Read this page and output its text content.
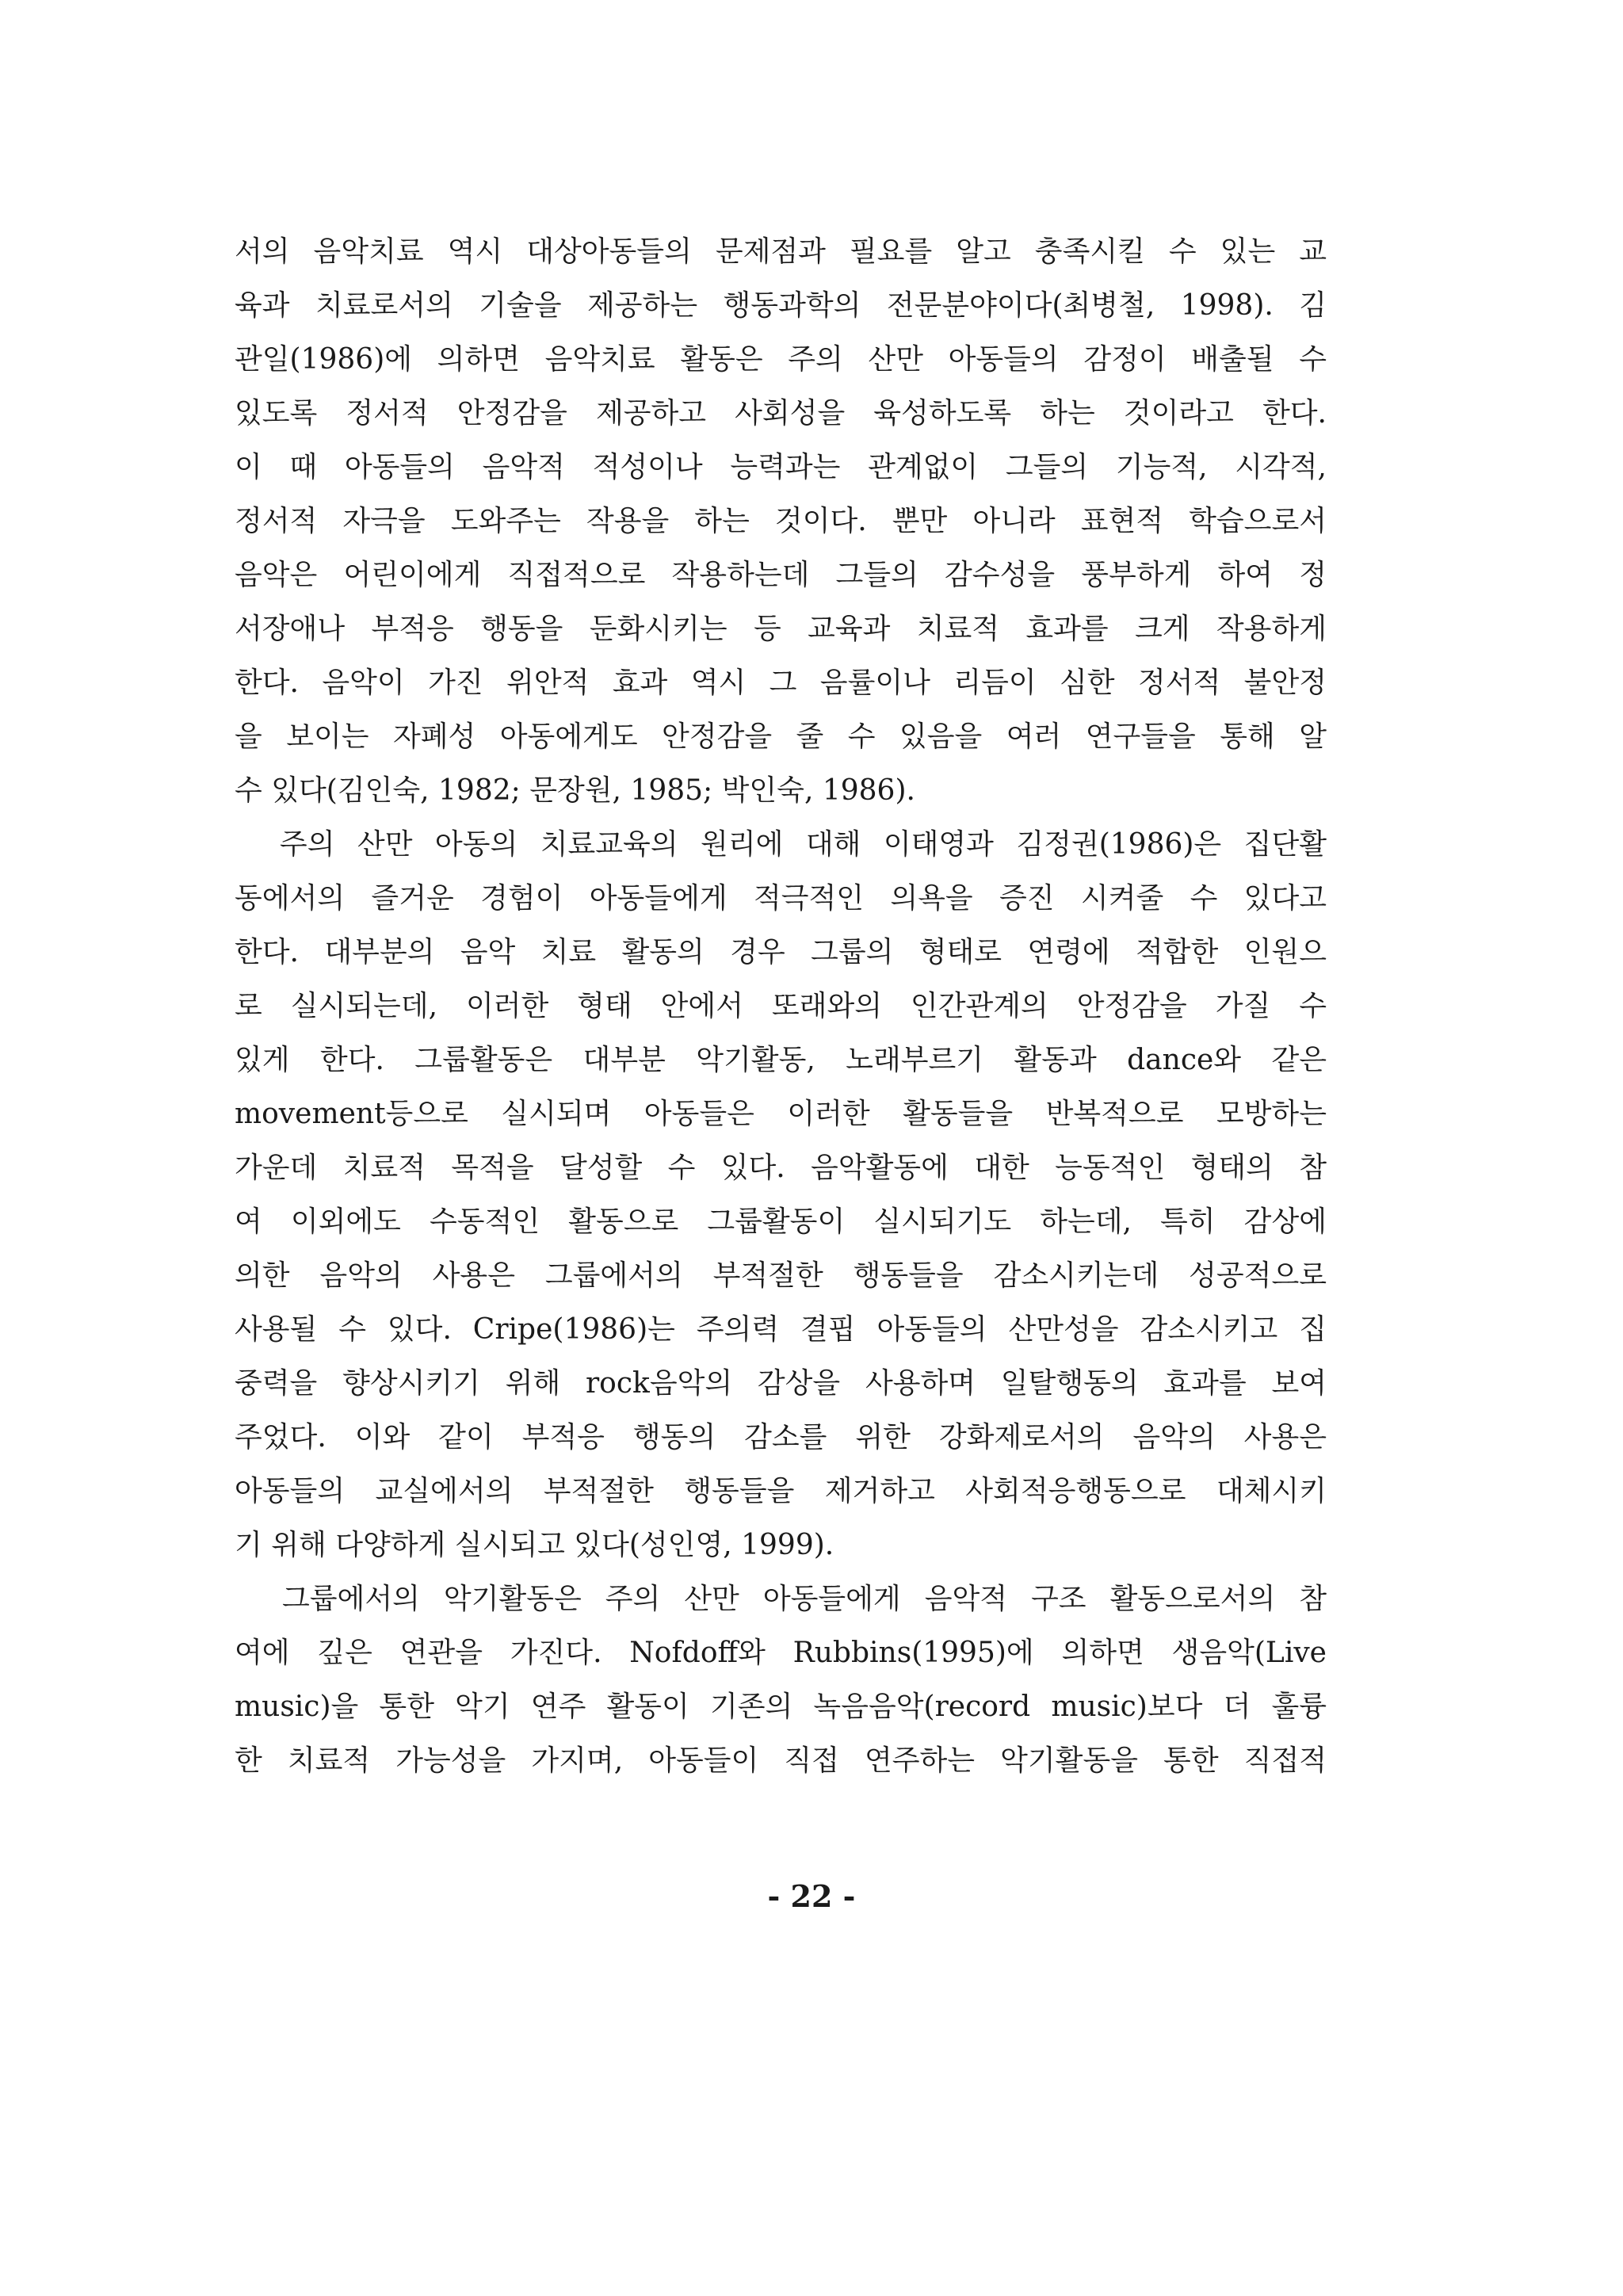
서의 음악치료 역시 대상아동들의 문제점과 필요를 알고 충족시킬 수 있는 교
육과 치료로서의 기술을 제공하는 행동과학의 전문분야이다(최병철, 1998). 김
관일(1986)에 의하면 음악치료 활동은 주의 산만 아동들의 감정이 배출될 수
있도록 정서적 안정감을 제공하고 사회성을 육성하도록 하는 것이라고 한다.
이 때 아동들의 음악적 적성이나 능력과는 관계없이 그들의 기능적, 시각적,
정서적 자극을 도와주는 작용을 하는 것이다. 뿐만 아니라 표현적 학습으로서
음악은 어린이에게 직접적으로 작용하는데 그들의 감수성을 풍부하게 하여 정
서장애나 부적응 행동을 둔화시키는 등 교육과 치료적 효과를 크게 작용하게
한다. 음악이 가진 위안적 효과 역시 그 음률이나 리듬이 심한 정서적 불안정
을 보이는 자폐성 아동에게도 안정감을 줄 수 있음을 여러 연구들을 통해 알
수 있다(김인숙, 1982; 문장원, 1985; 박인숙, 1986).
주의 산만 아동의 치료교육의 원리에 대해 이태영과 김정권(1986)은 집단활
동에서의 즐거운 경험이 아동들에게 적극적인 의욕을 증진 시켜줄 수 있다고
한다. 대부분의 음악 치료 활동의 경우 그룹의 형태로 연령에 적합한 인원으
로 실시되는데, 이러한 형태 안에서 또래와의 인간관계의 안정감을 가질 수
있게 한다. 그룹활동은 대부분 악기활동, 노래부르기 활동과 dance와 같은
movement등으로 실시되며 아동들은 이러한 활동들을 반복적으로 모방하는
가운데 치료적 목적을 달성할 수 있다. 음악활동에 대한 능동적인 형태의 참
여 이외에도 수동적인 활동으로 그룹활동이 실시되기도 하는데, 특히 감상에
의한 음악의 사용은 그룹에서의 부적절한 행동들을 감소시키는데 성공적으로
사용될 수 있다. Cripe(1986)는 주의력 결핍 아동들의 산만성을 감소시키고 집
중력을 향상시키기 위해 rock음악의 감상을 사용하며 일탈행동의 효과를 보여
주었다. 이와 같이 부적응 행동의 감소를 위한 강화제로서의 음악의 사용은
아동들의 교실에서의 부적절한 행동들을 제거하고 사회적응행동으로 대체시키
기 위해 다양하게 실시되고 있다(성인영, 1999).
그룹에서의 악기활동은 주의 산만 아동들에게 음악적 구조 활동으로서의 참
여에 깊은 연관을 가진다. Nofdoff와 Rubbins(1995)에 의하면 생음악(Live
music)을 통한 악기 연주 활동이 기존의 녹음음악(record music)보다 더 훌륭
한 치료적 가능성을 가지며, 아동들이 직접 연주하는 악기활동을 통한 직접적
- 22 -
